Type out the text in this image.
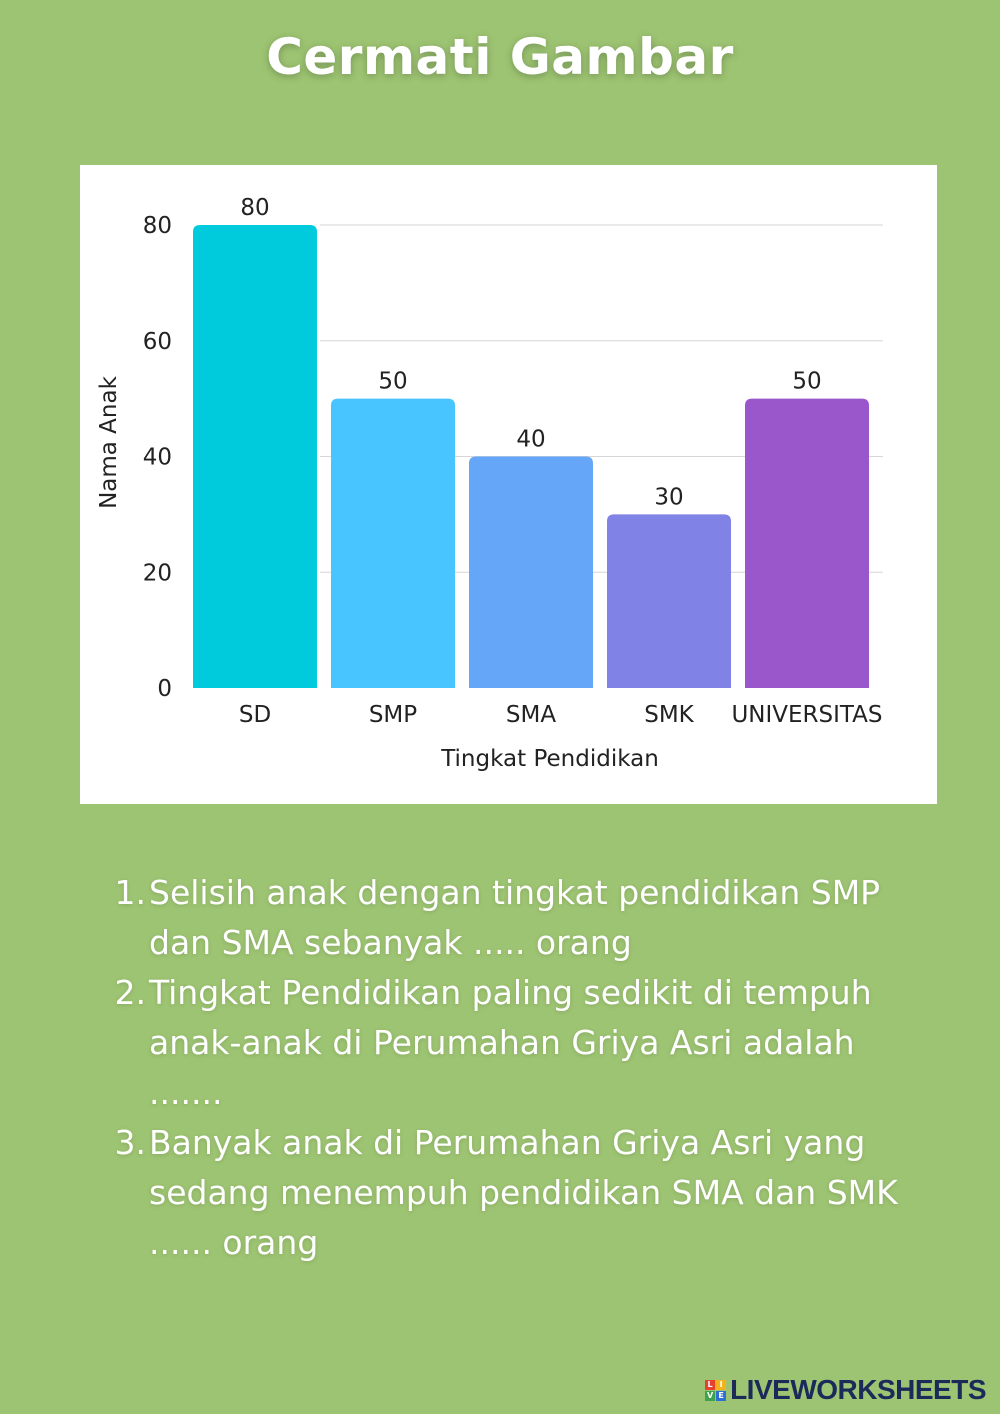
Cermati Gambar
0
20
40
60
80
80
SD
50
SMP
40
SMA
30
SMK
50
UNIVERSITAS
Tingkat Pendidikan
Nama Anak
1. Selisih anak dengan tingkat pendidikan SMP dan SMA sebanyak ..... orang
2. Tingkat Pendidikan paling sedikit di tempuh anak-anak di Perumahan Griya Asri adalah .......
3. Banyak anak di Perumahan Griya Asri yang sedang menempuh pendidikan SMA dan SMK ...... orang
L I
V E LIVEWORKSHEETS
